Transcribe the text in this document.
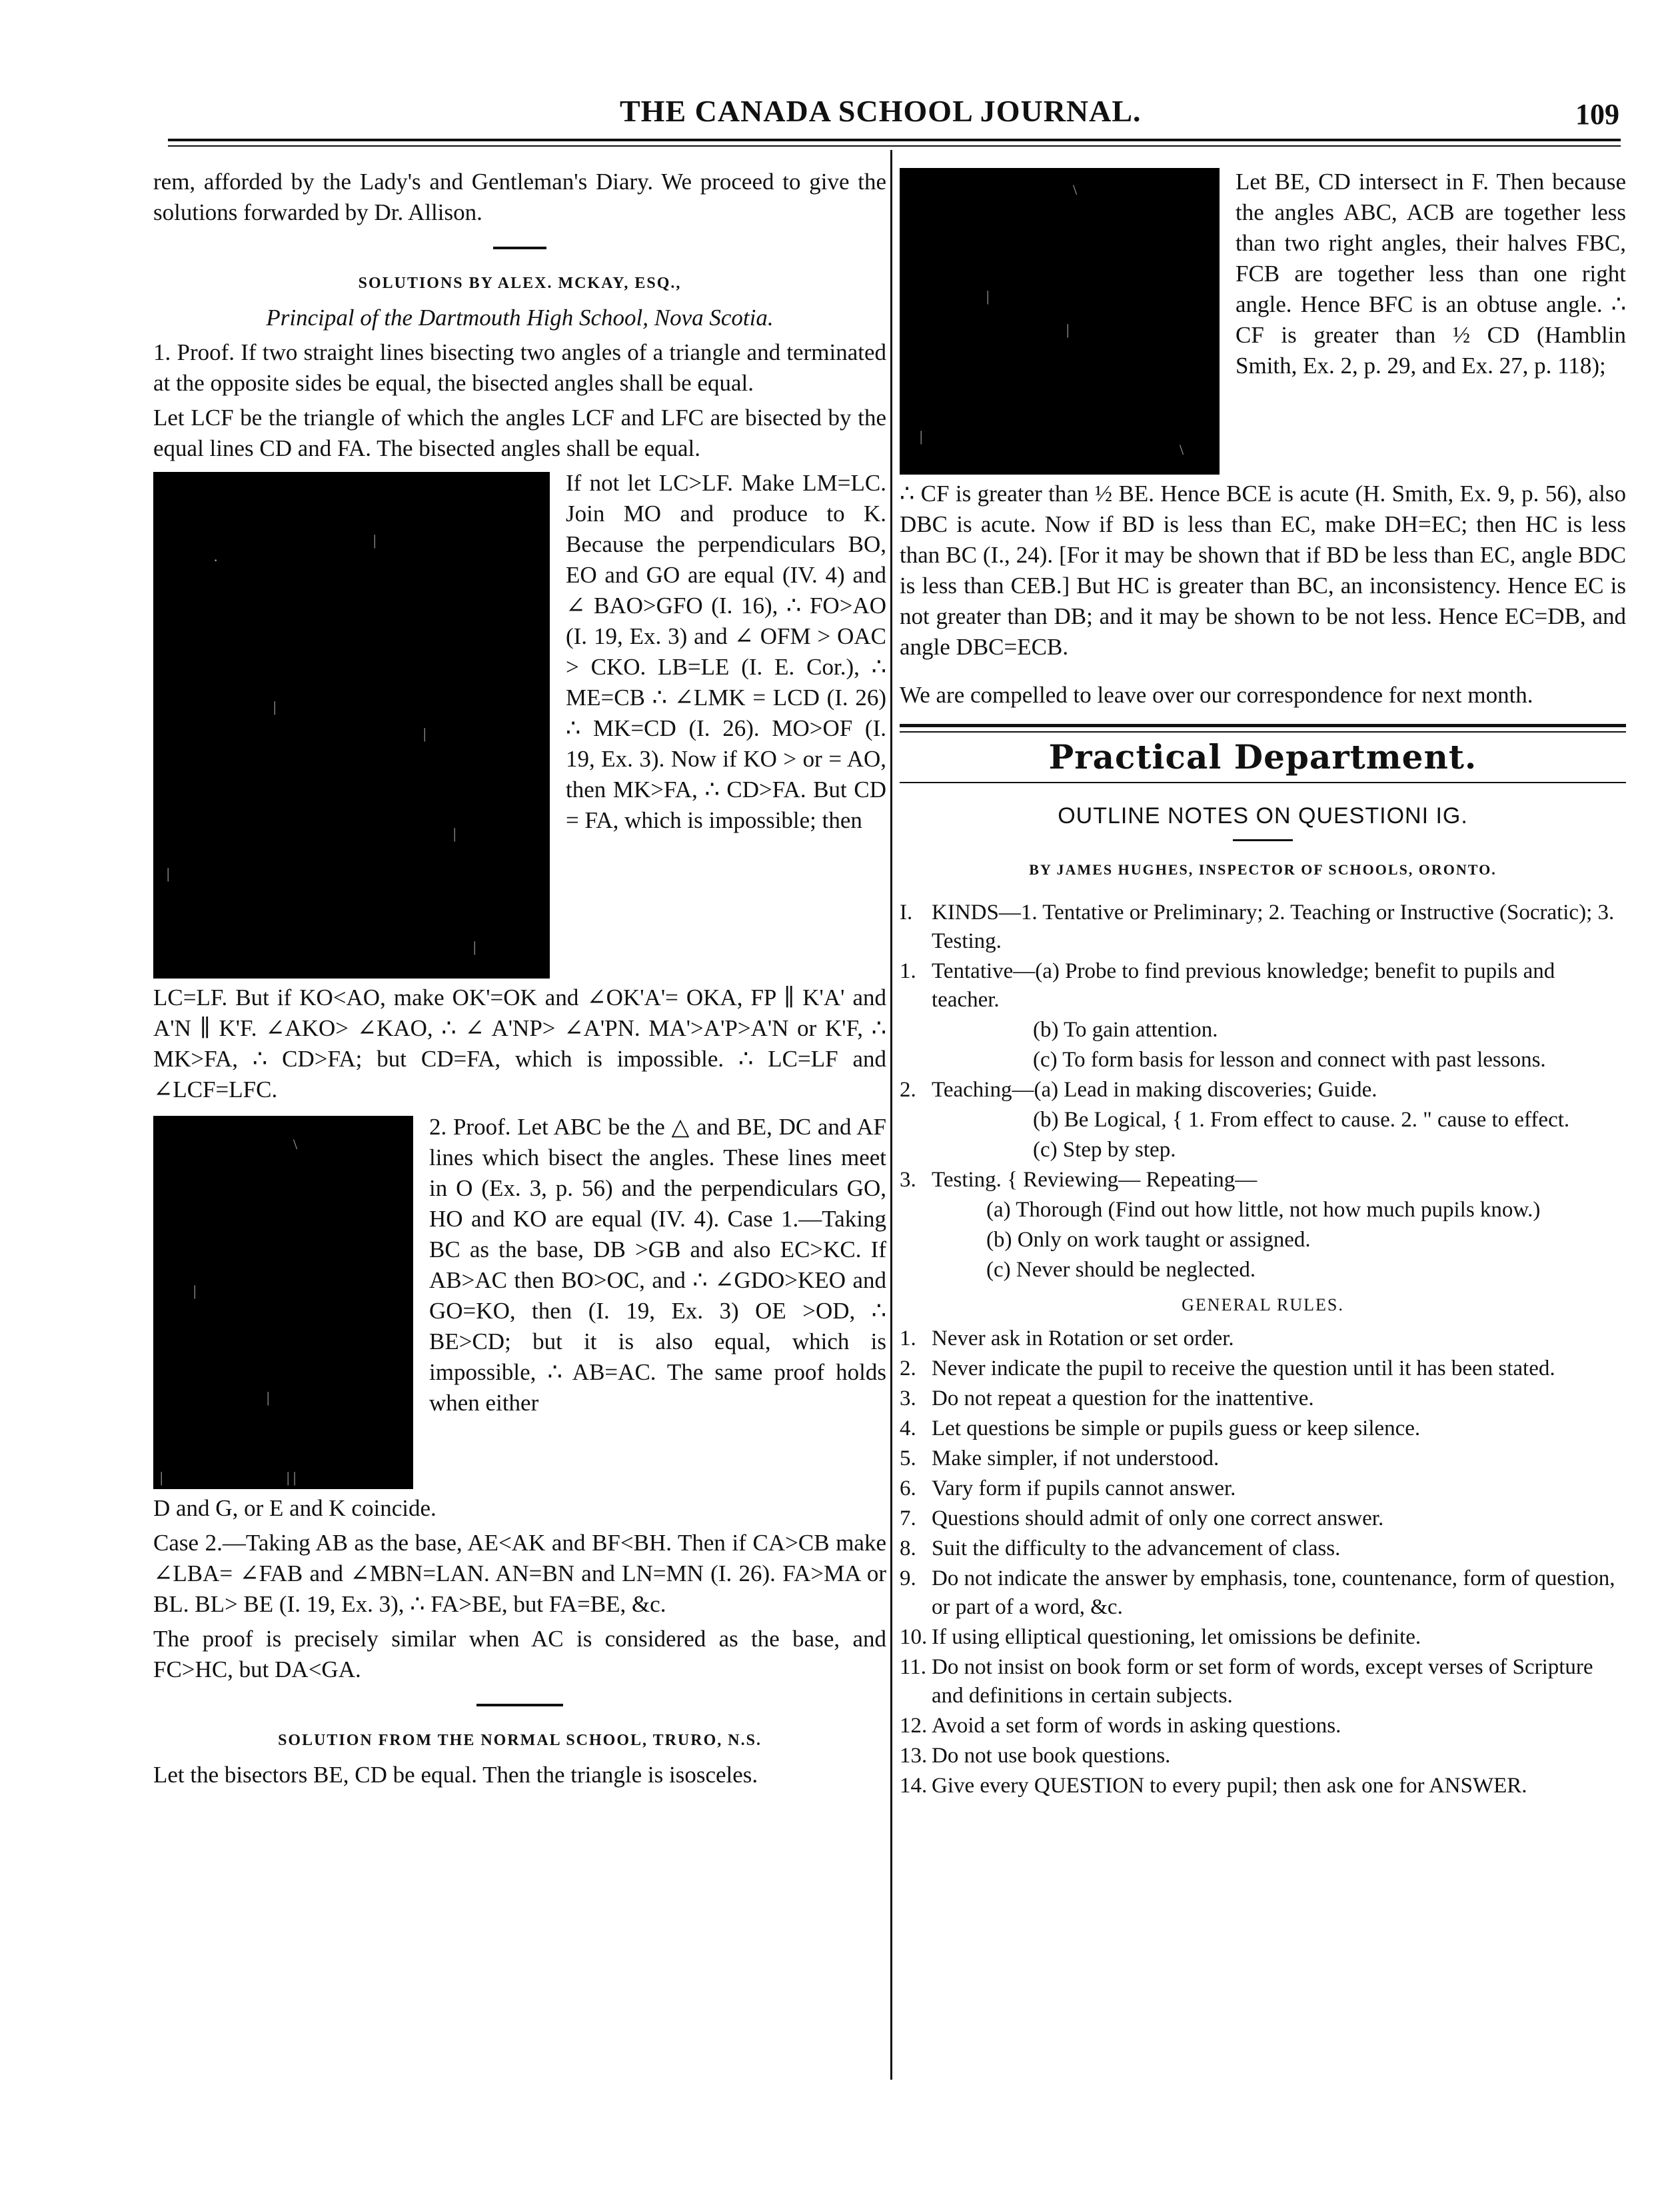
THE CANADA SCHOOL JOURNAL.	109

rem, afforded by the Lady's and Gentleman's Diary. We proceed to give the solutions forwarded by Dr. Allison.

SOLUTIONS BY ALEX. MCKAY, ESQ.,

Principal of the Dartmouth High School, Nova Scotia.

1. Proof. If two straight lines bisecting two angles of a triangle and terminated at the opposite sides be equal, the bisected angles shall be equal.

Let LCF be the triangle of which the angles LCF and LFC are bisected by the equal lines CD and FA. The bisected angles shall be equal.

·
|
|
|
|
|
|

If not let LC>LF. Make LM=LC. Join MO and produce to K. Because the perpendiculars BO, EO and GO are equal (IV. 4) and ∠ BAO>GFO (I. 16), ∴ FO>AO (I. 19, Ex. 3) and ∠ OFM > OAC > CKO. LB=LE (I. E. Cor.), ∴ ME=CB ∴ ∠LMK = LCD (I. 26) ∴ MK=CD (I. 26). MO>OF (I. 19, Ex. 3). Now if KO > or = AO, then MK>FA, ∴ CD>FA. But CD = FA, which is impossible; then

LC=LF. But if KO<AO, make OK'=OK and ∠OK'A'= OKA, FP ∥ K'A' and A'N ∥ K'F. ∠AKO> ∠KAO, ∴ ∠ A'NP> ∠A'PN. MA'>A'P>A'N or K'F, ∴ MK>FA, ∴ CD>FA; but CD=FA, which is impossible. ∴ LC=LF and ∠LCF=LFC.

\
|
|
|	| |

2. Proof. Let ABC be the △ and BE, DC and AF lines which bisect the angles. These lines meet in O (Ex. 3, p. 56) and the perpendiculars GO, HO and KO are equal (IV. 4). Case 1.—Taking BC as the base, DB >GB and also EC>KC. If AB>AC then BO>OC, and ∴ ∠GDO>KEO and GO=KO, then (I. 19, Ex. 3) OE >OD, ∴ BE>CD; but it is also equal, which is impossible, ∴ AB=AC. The same proof holds when either

D and G, or E and K coincide.

Case 2.—Taking AB as the base, AE<AK and BF<BH. Then if CA>CB make ∠LBA= ∠FAB and ∠MBN=LAN. AN=BN and LN=MN (I. 26). FA>MA or BL. BL> BE (I. 19, Ex. 3), ∴ FA>BE, but FA=BE, &c.

The proof is precisely similar when AC is considered as the base, and FC>HC, but DA<GA.

SOLUTION FROM THE NORMAL SCHOOL, TRURO, N.S.

Let the bisectors BE, CD be equal. Then the triangle is isosceles.

\
|
|
|
\

Let BE, CD intersect in F. Then because the angles ABC, ACB are together less than two right angles, their halves FBC, FCB are together less than one right angle. Hence BFC is an obtuse angle. ∴ CF is greater than ½ CD (Hamblin Smith, Ex. 2, p. 29, and Ex. 27, p. 118);

∴ CF is greater than ½ BE. Hence BCE is acute (H. Smith, Ex. 9, p. 56), also DBC is acute. Now if BD is less than EC, make DH=EC; then HC is less than BC (I., 24). [For it may be shown that if BD be less than EC, angle BDC is less than CEB.] But HC is greater than BC, an inconsistency. Hence EC is not greater than DB; and it may be shown to be not less. Hence EC=DB, and angle DBC=ECB.

We are compelled to leave over our correspondence for next month.

Practical Department.
OUTLINE NOTES ON QUESTIONI IG.
BY JAMES HUGHES, INSPECTOR OF SCHOOLS, ORONTO.
I. KINDS—1. Tentative or Preliminary; 2. Teaching or Instructive (Socratic); 3. Testing.
1. Tentative—(a) Probe to find previous knowledge; benefit to pupils and teacher.
(b) To gain attention.
(c) To form basis for lesson and connect with past lessons.
2. Teaching—(a) Lead in making discoveries; Guide.
(b) Be Logical, { 1. From effect to cause. 2. " cause to effect.
(c) Step by step.
3. Testing. { Reviewing— Repeating—
(a) Thorough (Find out how little, not how much pupils know.)
(b) Only on work taught or assigned.
(c) Never should be neglected.
GENERAL RULES.
1. Never ask in Rotation or set order.
2. Never indicate the pupil to receive the question until it has been stated.
3. Do not repeat a question for the inattentive.
4. Let questions be simple or pupils guess or keep silence.
5. Make simpler, if not understood.
6. Vary form if pupils cannot answer.
7. Questions should admit of only one correct answer.
8. Suit the difficulty to the advancement of class.
9. Do not indicate the answer by emphasis, tone, countenance, form of question, or part of a word, &c.
10. If using elliptical questioning, let omissions be definite.
11. Do not insist on book form or set form of words, except verses of Scripture and definitions in certain subjects.
12. Avoid a set form of words in asking questions.
13. Do not use book questions.
14. Give every QUESTION to every pupil; then ask one for ANSWER.
